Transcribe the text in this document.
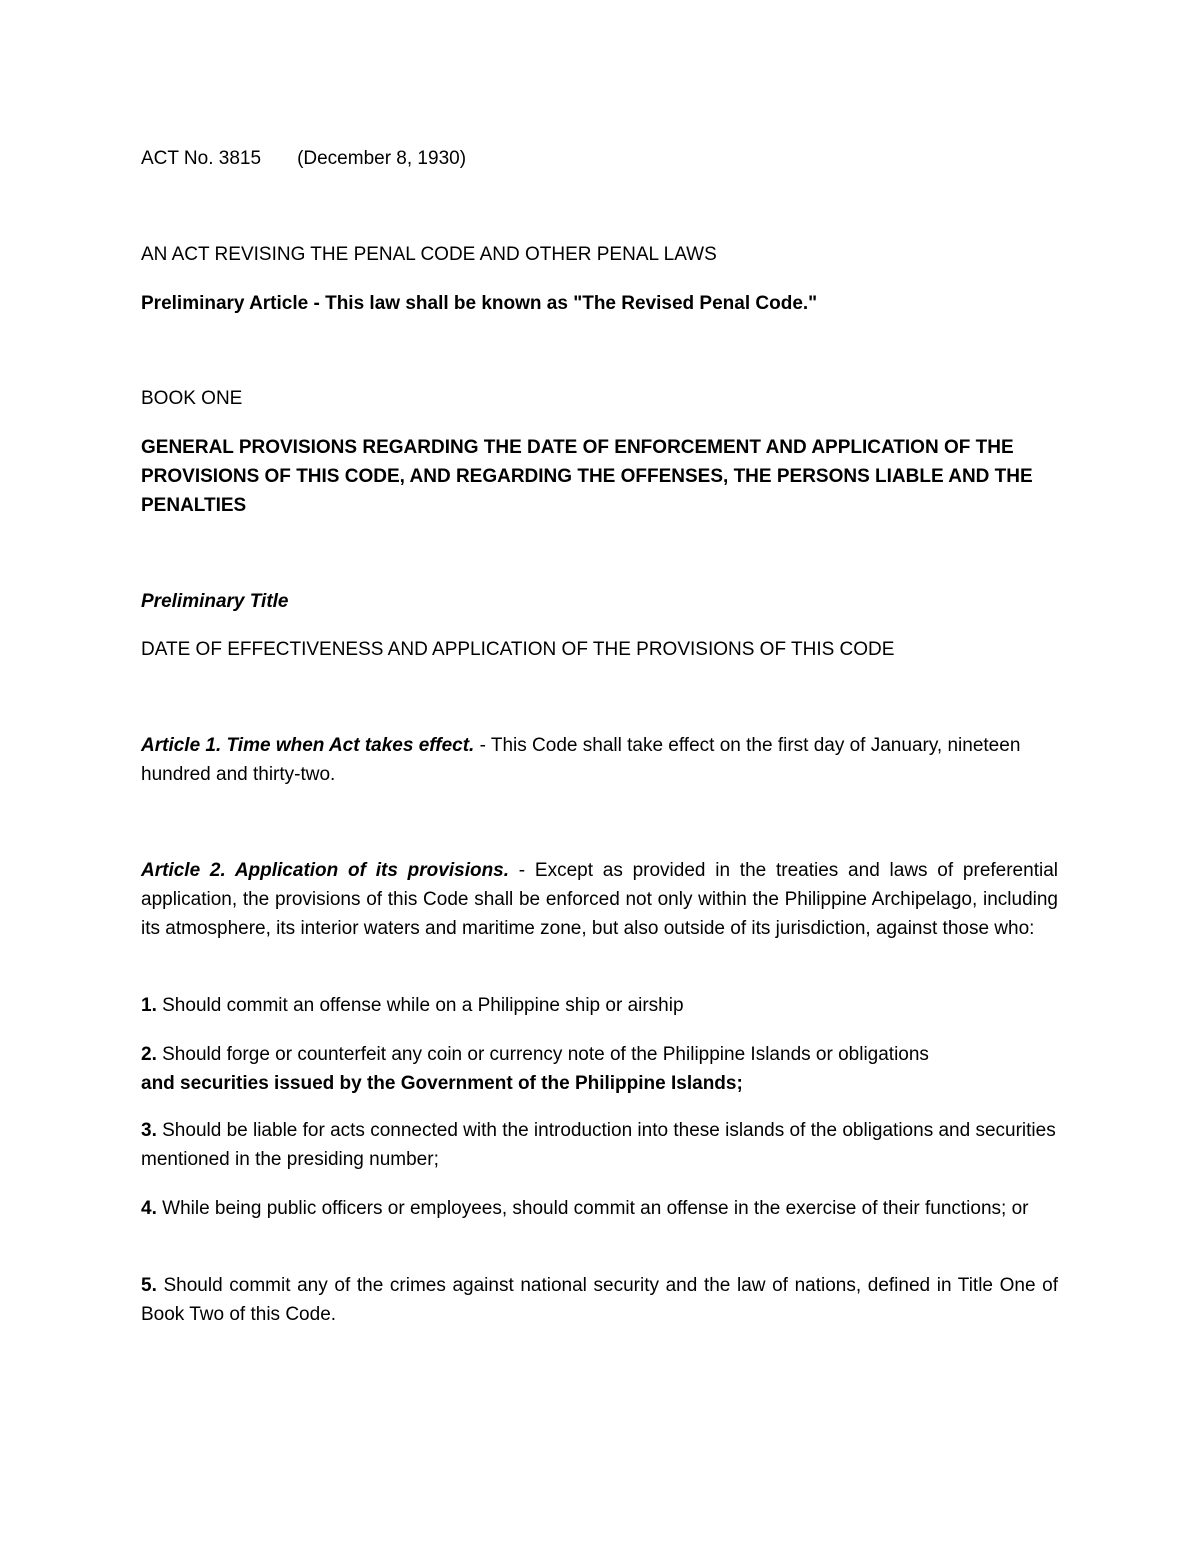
ACT No. 3815 (December 8, 1930)

AN ACT REVISING THE PENAL CODE AND OTHER PENAL LAWS

Preliminary Article - This law shall be known as "The Revised Penal Code."

BOOK ONE

GENERAL PROVISIONS REGARDING THE DATE OF ENFORCEMENT AND APPLICATION OF THE PROVISIONS OF THIS CODE, AND REGARDING THE OFFENSES, THE PERSONS LIABLE AND THE PENALTIES

Preliminary Title

DATE OF EFFECTIVENESS AND APPLICATION OF THE PROVISIONS OF THIS CODE

Article 1. Time when Act takes effect. - This Code shall take effect on the first day of January, nineteen hundred and thirty-two.

Article 2. Application of its provisions. - Except as provided in the treaties and laws of preferential application, the provisions of this Code shall be enforced not only within the Philippine Archipelago, including its atmosphere, its interior waters and maritime zone, but also outside of its jurisdiction, against those who:

1. Should commit an offense while on a Philippine ship or airship

2. Should forge or counterfeit any coin or currency note of the Philippine Islands or obligations
and securities issued by the Government of the Philippine Islands;

3. Should be liable for acts connected with the introduction into these islands of the obligations and securities mentioned in the presiding number;

4. While being public officers or employees, should commit an offense in the exercise of their functions; or

5. Should commit any of the crimes against national security and the law of nations, defined in Title One of Book Two of this Code.
